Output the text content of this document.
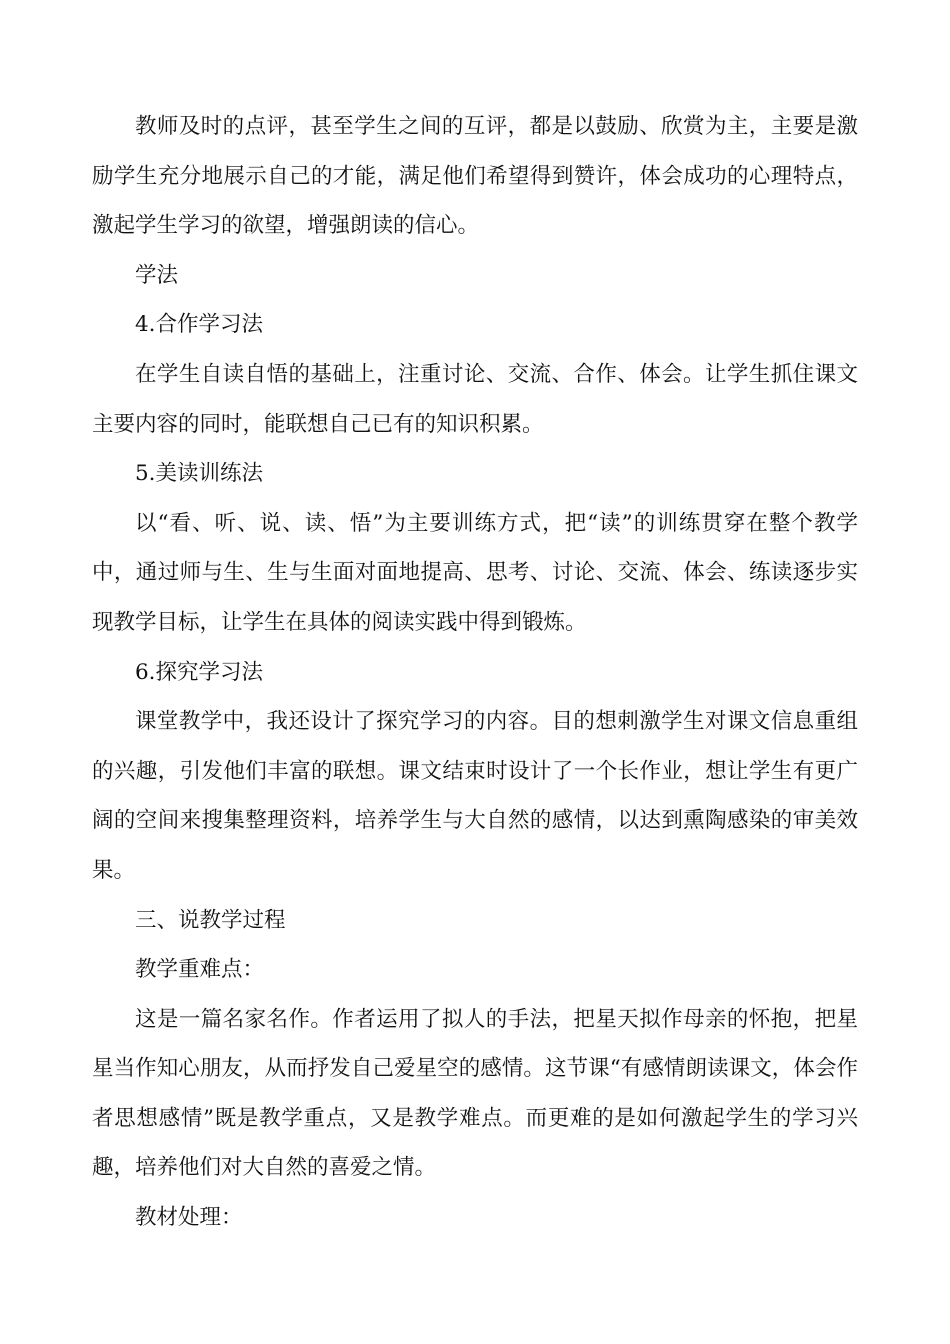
教师及时的点评，甚至学生之间的互评，都是以鼓励、欣赏为主，主要是激励学生充分地展示自己的才能，满足他们希望得到赞许，体会成功的心理特点，激起学生学习的欲望，增强朗读的信心。

学法

4.合作学习法

在学生自读自悟的基础上，注重讨论、交流、合作、体会。让学生抓住课文主要内容的同时，能联想自己已有的知识积累。

5.美读训练法

以“看、听、说、读、悟”为主要训练方式，把“读”的训练贯穿在整个教学中，通过师与生、生与生面对面地提高、思考、讨论、交流、体会、练读逐步实现教学目标，让学生在具体的阅读实践中得到锻炼。

6.探究学习法

课堂教学中，我还设计了探究学习的内容。目的想刺激学生对课文信息重组的兴趣，引发他们丰富的联想。课文结束时设计了一个长作业，想让学生有更广阔的空间来搜集整理资料，培养学生与大自然的感情，以达到熏陶感染的审美效果。

三、说教学过程

教学重难点：

这是一篇名家名作。作者运用了拟人的手法，把星天拟作母亲的怀抱，把星星当作知心朋友，从而抒发自己爱星空的感情。这节课“有感情朗读课文，体会作者思想感情”既是教学重点，又是教学难点。而更难的是如何激起学生的学习兴趣，培养他们对大自然的喜爱之情。

教材处理：
